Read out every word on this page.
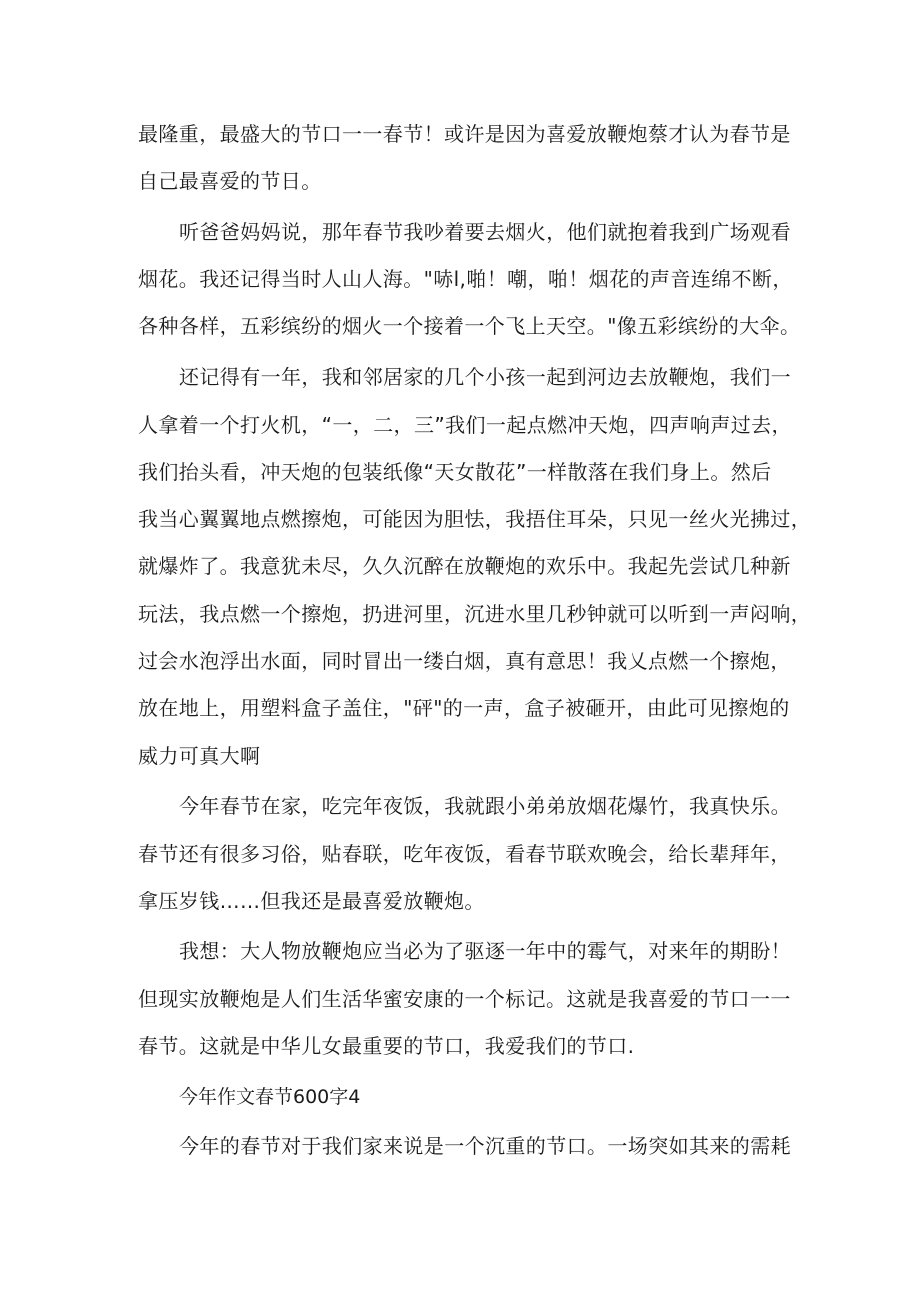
最隆重，最盛大的节口一一春节！或许是因为喜爱放鞭炮蔡才认为春节是
自己最喜爱的节日。
听爸爸妈妈说，那年春节我吵着要去烟火，他们就抱着我到广场观看
烟花。我还记得当时人山人海。"哧l,啪！嘲，啪！烟花的声音连绵不断，
各种各样，五彩缤纷的烟火一个接着一个飞上天空。"像五彩缤纷的大伞。
还记得有一年，我和邻居家的几个小孩一起到河边去放鞭炮，我们一
人拿着一个打火机，“一，二，三”我们一起点燃冲天炮，四声响声过去，
我们抬头看，冲天炮的包装纸像“天女散花”一样散落在我们身上。然后
我当心翼翼地点燃擦炮，可能因为胆怯，我捂住耳朵，只见一丝火光拂过，
就爆炸了。我意犹未尽，久久沉醉在放鞭炮的欢乐中。我起先尝试几种新
玩法，我点燃一个擦炮，扔进河里，沉进水里几秒钟就可以听到一声闷响，
过会水泡浮出水面，同时冒出一缕白烟，真有意思！我乂点燃一个擦炮，
放在地上，用塑料盒子盖住，"砰"的一声，盒子被砸开，由此可见擦炮的
威力可真大啊
今年春节在家，吃完年夜饭，我就跟小弟弟放烟花爆竹，我真快乐。
春节还有很多习俗，贴春联，吃年夜饭，看春节联欢晚会，给长辈拜年，
拿压岁钱……但我还是最喜爱放鞭炮。
我想：大人物放鞭炮应当必为了驱逐一年中的霉气，对来年的期盼！
但现实放鞭炮是人们生活华蜜安康的一个标记。这就是我喜爱的节口一一
春节。这就是中华儿女最重要的节口，我爱我们的节口.
今年作文春节600字4
今年的春节对于我们家来说是一个沉重的节口。一场突如其来的需耗
